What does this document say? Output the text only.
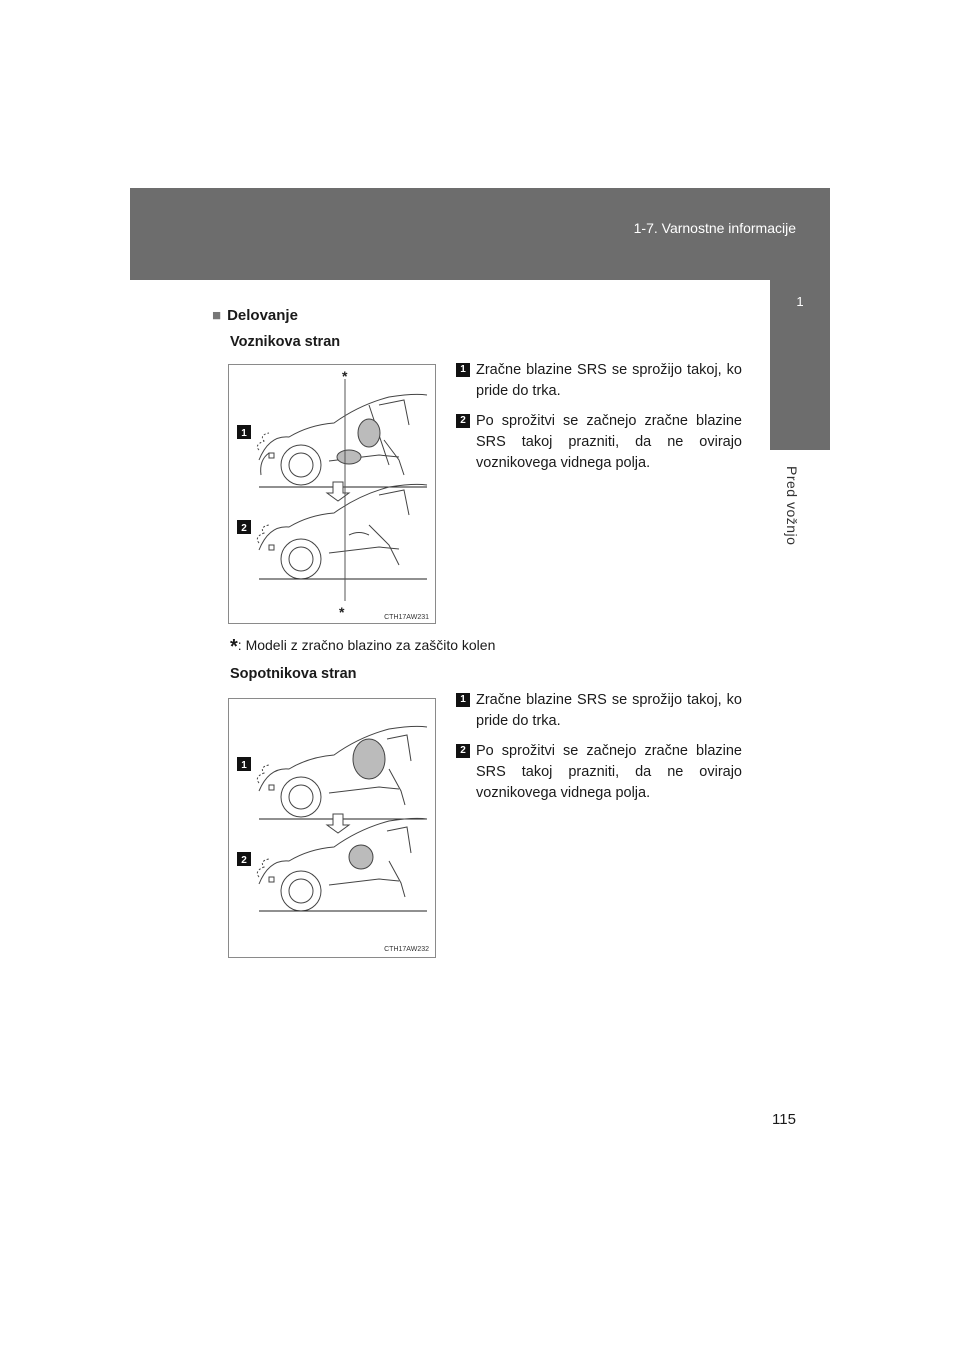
1-7. Varnostne informacije
1
Pred vožnjo
■ Delovanje
Voznikova stran
1
2
*
*	CTH17AW231
1 Zračne blazine SRS se sprožijo takoj, ko pride do trka.
2 Po sprožitvi se začnejo zračne blazine SRS takoj prazniti, da ne ovirajo voznikovega vidnega polja.
*: Modeli z zračno blazino za zaščito kolen
Sopotnikova stran
1
2
CTH17AW232
1 Zračne blazine SRS se sprožijo takoj, ko pride do trka.
2 Po sprožitvi se začnejo zračne blazine SRS takoj prazniti, da ne ovirajo voznikovega vidnega polja.
115
